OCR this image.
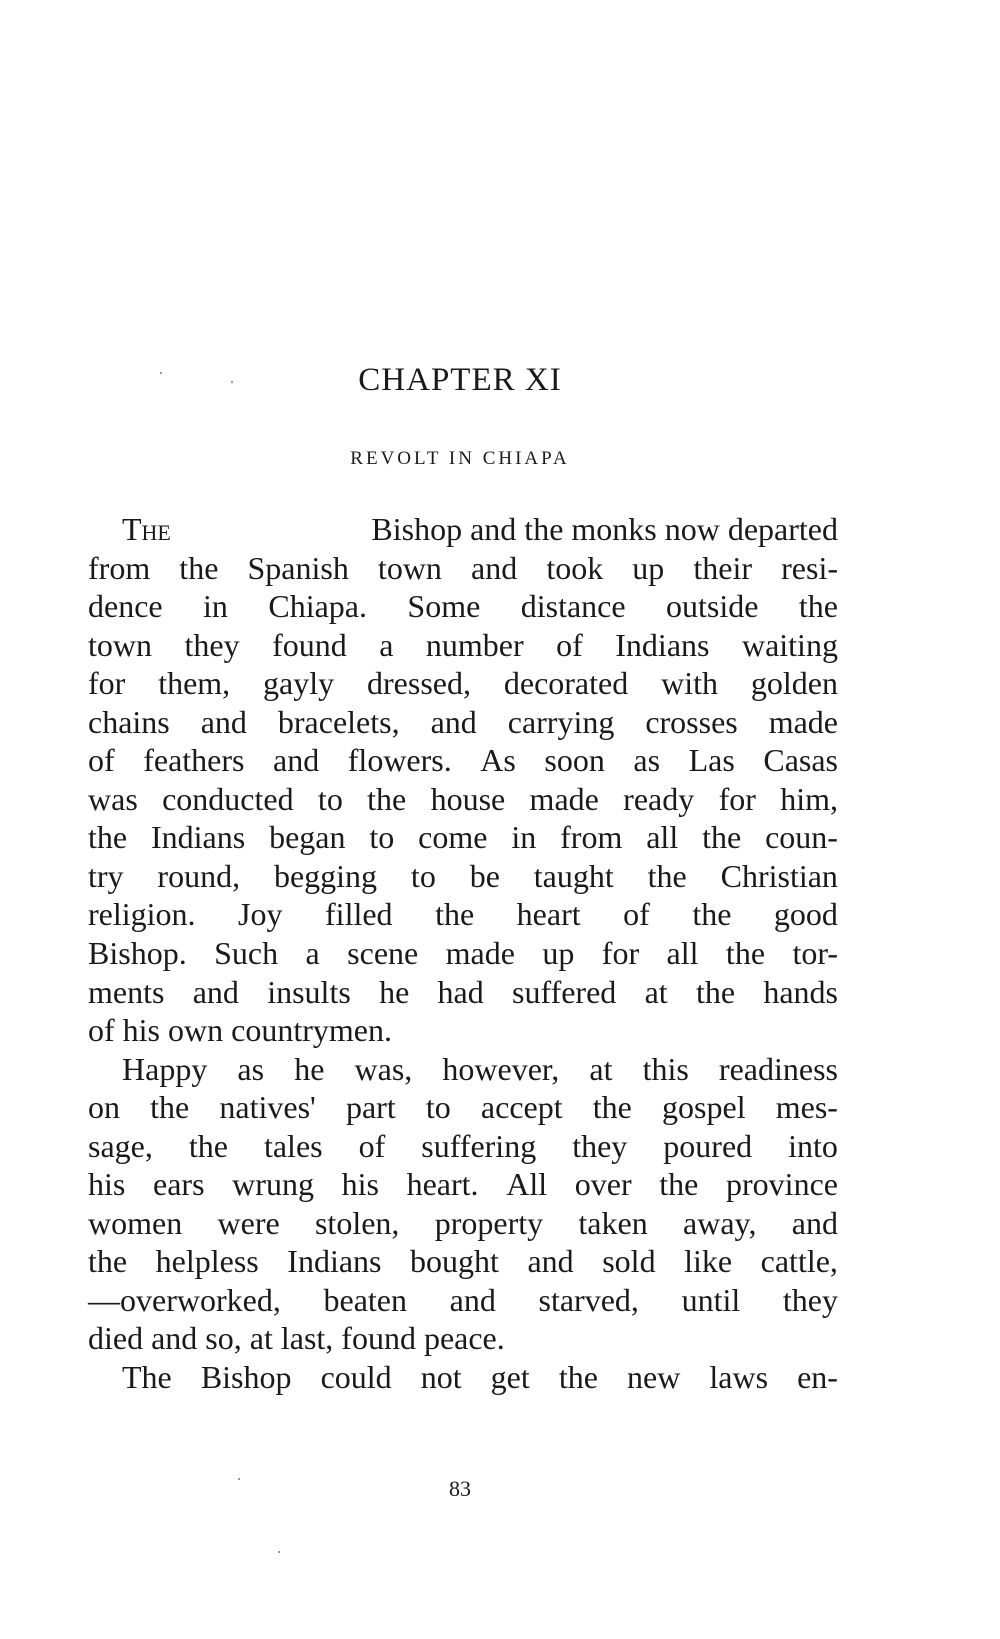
CHAPTER XI
REVOLT IN CHIAPA
The	Bishop and the monks now departed
from the Spanish town and took up their resi-
dence in Chiapa. Some distance outside the
town they found a number of Indians waiting
for them, gayly dressed, decorated with golden
chains and bracelets, and carrying crosses made
of feathers and flowers. As soon as Las Casas
was conducted to the house made ready for him,
the Indians began to come in from all the coun-
try round, begging to be taught the Christian
religion. Joy filled the heart of the good
Bishop. Such a scene made up for all the tor-
ments and insults he had suffered at the hands
of his own countrymen.
Happy as he was, however, at this readiness
on the natives' part to accept the gospel mes-
sage, the tales of suffering they poured into
his ears wrung his heart. All over the province
women were stolen, property taken away, and
the helpless Indians bought and sold like cattle,
—overworked, beaten and starved, until they
died and so, at last, found peace.
The Bishop could not get the new laws en-

83
